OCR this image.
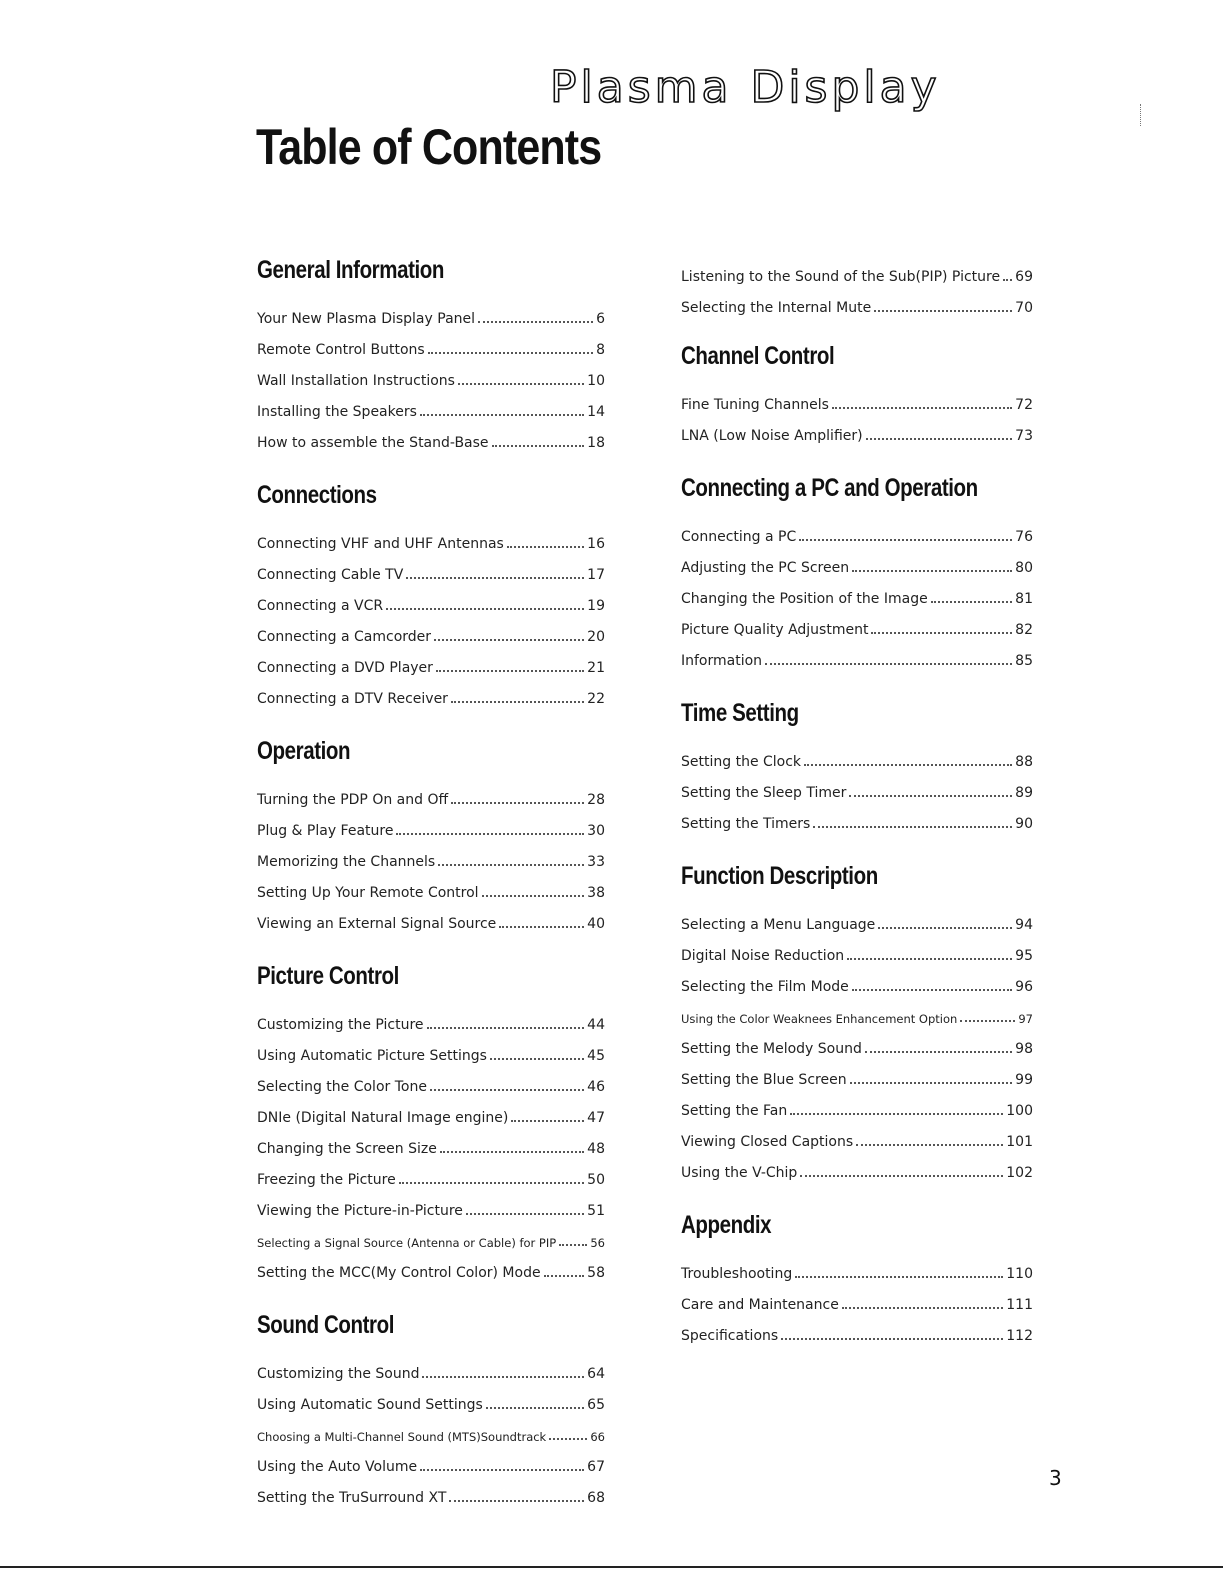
Plasma Display
Table of Contents
General Information
Your New Plasma Display Panel	6
Remote Control Buttons	8
Wall Installation Instructions	10
Installing the Speakers	14
How to assemble the Stand-Base	18
Connections
Connecting VHF and UHF Antennas	16
Connecting Cable TV	17
Connecting a VCR	19
Connecting a Camcorder	20
Connecting a DVD Player	21
Connecting a DTV Receiver	22
Operation
Turning the PDP On and Off	28
Plug & Play Feature	30
Memorizing the Channels	33
Setting Up Your Remote Control	38
Viewing an External Signal Source	40
Picture Control
Customizing the Picture	44
Using Automatic Picture Settings	45
Selecting the Color Tone	46
DNIe (Digital Natural Image engine)	47
Changing the Screen Size	48
Freezing the Picture	50
Viewing the Picture-in-Picture	51
Selecting a Signal Source (Antenna or Cable) for PIP	56
Setting the MCC(My Control Color) Mode	58
Sound Control
Customizing the Sound	64
Using Automatic Sound Settings	65
Choosing a Multi-Channel Sound (MTS)Soundtrack	66
Using the Auto Volume	67
Setting the TruSurround XT	68
Listening to the Sound of the Sub(PIP) Picture 69
Selecting the Internal Mute	70
Channel Control
Fine Tuning Channels	72
LNA (Low Noise Amplifier)	73
Connecting a PC and Operation
Connecting a PC	76
Adjusting the PC Screen	80
Changing the Position of the Image	81
Picture Quality Adjustment	82
Information	85
Time Setting
Setting the Clock	88
Setting the Sleep Timer	89
Setting the Timers	90
Function Description
Selecting a Menu Language	94
Digital Noise Reduction	95
Selecting the Film Mode	96
Using the Color Weaknees Enhancement Option	97
Setting the Melody Sound	98
Setting the Blue Screen	99
Setting the Fan	100
Viewing Closed Captions	101
Using the V-Chip	102
Appendix
Troubleshooting	110
Care and Maintenance	111
Specifications	112
3
